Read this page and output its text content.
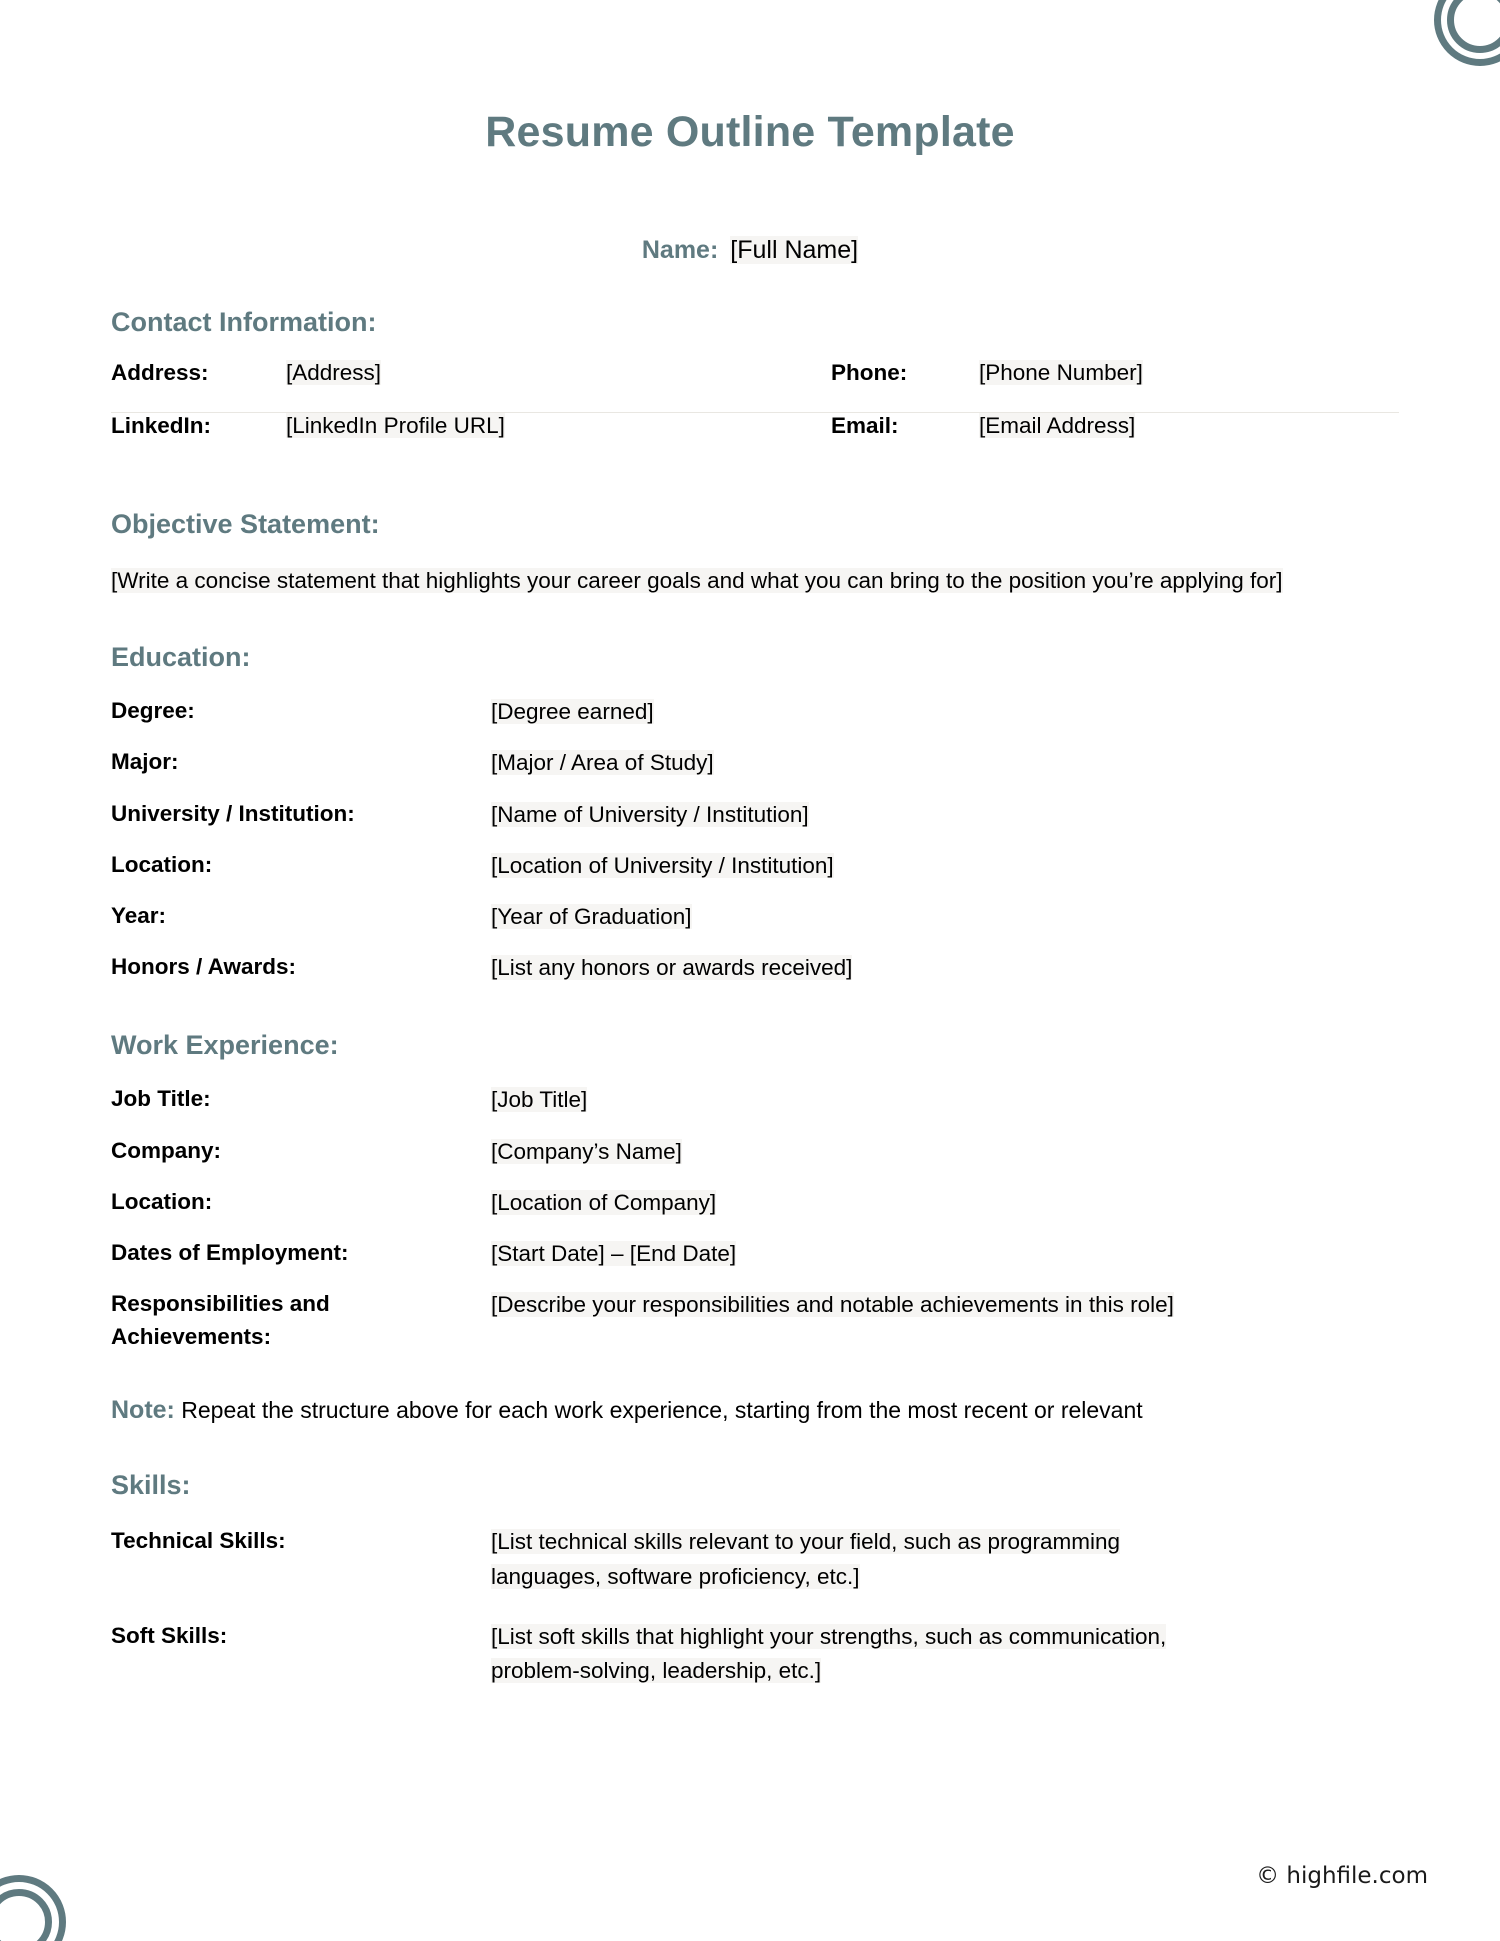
Resume Outline Template
Name: [Full Name]
Contact Information:
Address:	[Address]	Phone:	[Phone Number]
LinkedIn:	[LinkedIn Profile URL]	Email:	[Email Address]
Objective Statement:
[Write a concise statement that highlights your career goals and what you can bring to the position you’re applying for]
Education:
Degree:	[Degree earned]
Major:	[Major / Area of Study]
University / Institution:	[Name of University / Institution]
Location:	[Location of University / Institution]
Year:	[Year of Graduation]
Honors / Awards:	[List any honors or awards received]
Work Experience:
Job Title:	[Job Title]
Company:	[Company’s Name]
Location:	[Location of Company]
Dates of Employment:	[Start Date] – [End Date]
Responsibilities and Achievements:
[Describe your responsibilities and notable achievements in this role]
Note: Repeat the structure above for each work experience, starting from the most recent or relevant
Skills:
Technical Skills:	[List technical skills relevant to your field, such as programming languages, software proficiency, etc.]
Soft Skills:	[List soft skills that highlight your strengths, such as communication, problem-solving, leadership, etc.]
© highfile.com
